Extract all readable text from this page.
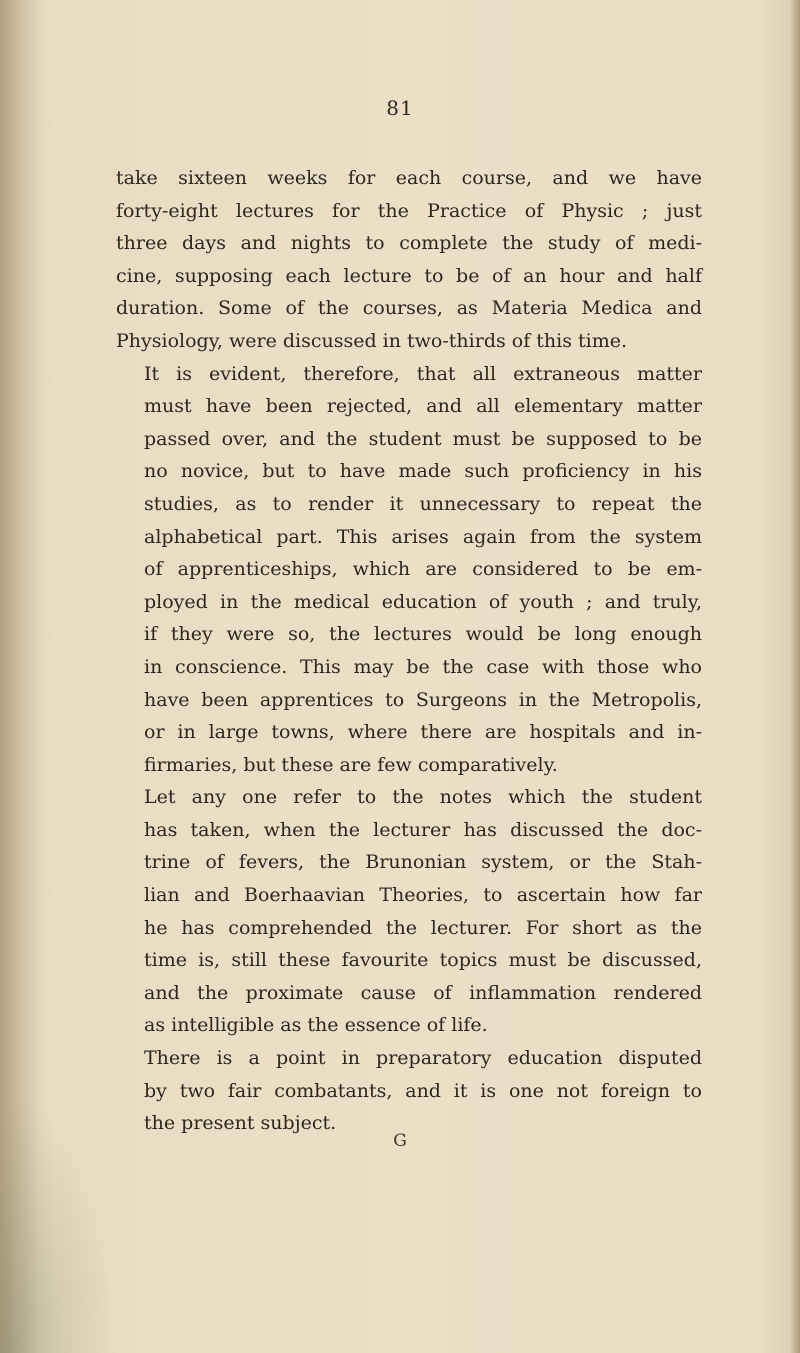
81

take sixteen weeks for each course, and we have
forty-eight lectures for the Practice of Physic ; just
three days and nights to complete the study of medi-
cine, supposing each lecture to be of an hour and half
duration. Some of the courses, as Materia Medica and
Physiology, were discussed in two-thirds of this time.

It is evident, therefore, that all extraneous matter
must have been rejected, and all elementary matter
passed over, and the student must be supposed to be
no novice, but to have made such proficiency in his
studies, as to render it unnecessary to repeat the
alphabetical part. This arises again from the system
of apprenticeships, which are considered to be em-
ployed in the medical education of youth ; and truly,
if they were so, the lectures would be long enough
in conscience. This may be the case with those who
have been apprentices to Surgeons in the Metropolis,
or in large towns, where there are hospitals and in-
firmaries, but these are few comparatively.

Let any one refer to the notes which the student
has taken, when the lecturer has discussed the doc-
trine of fevers, the Brunonian system, or the Stah-
lian and Boerhaavian Theories, to ascertain how far
he has comprehended the lecturer. For short as the
time is, still these favourite topics must be discussed,
and the proximate cause of inflammation rendered
as intelligible as the essence of life.

There is a point in preparatory education disputed
by two fair combatants, and it is one not foreign to
the present subject.

G
